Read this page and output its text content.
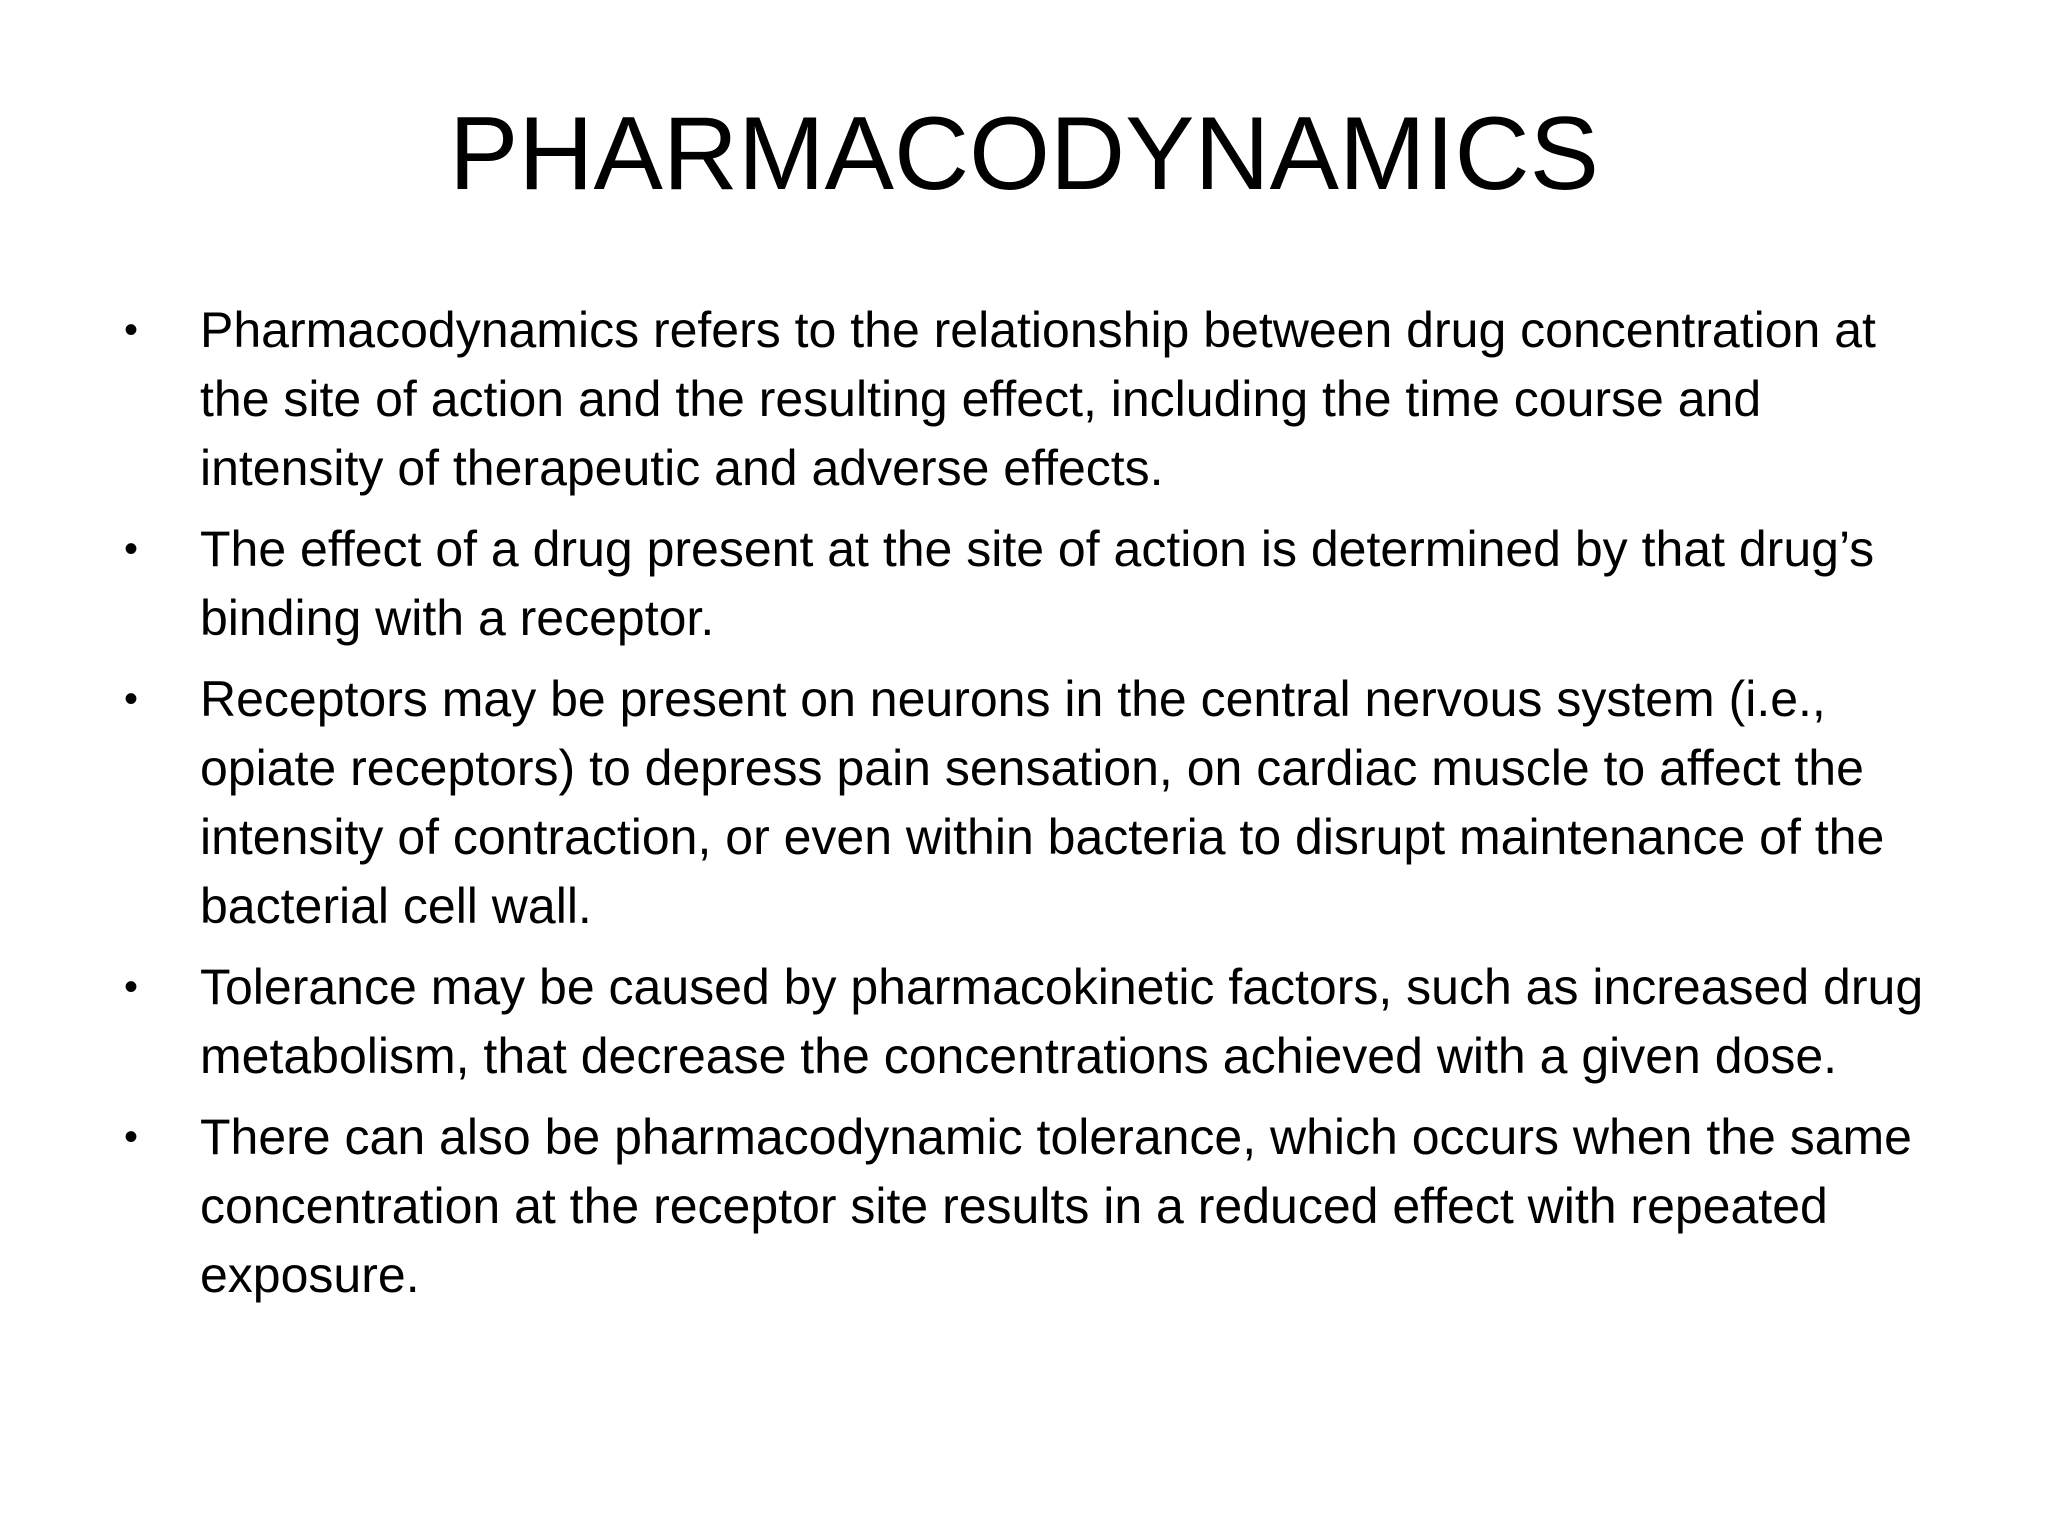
PHARMACODYNAMICS
• Pharmacodynamics refers to the relationship between drug concentration at the site of action and the resulting effect, including the time course and intensity of therapeutic and adverse effects.
• The effect of a drug present at the site of action is determined by that drug’s binding with a receptor.
• Receptors may be present on neurons in the central nervous system (i.e., opiate receptors) to depress pain sensation, on cardiac muscle to affect the intensity of contraction, or even within bacteria to disrupt maintenance of the bacterial cell wall.
• Tolerance may be caused by pharmacokinetic factors, such as increased drug metabolism, that decrease the concentrations achieved with a given dose.
• There can also be pharmacodynamic tolerance, which occurs when the same concentration at the receptor site results in a reduced effect with repeated exposure.
